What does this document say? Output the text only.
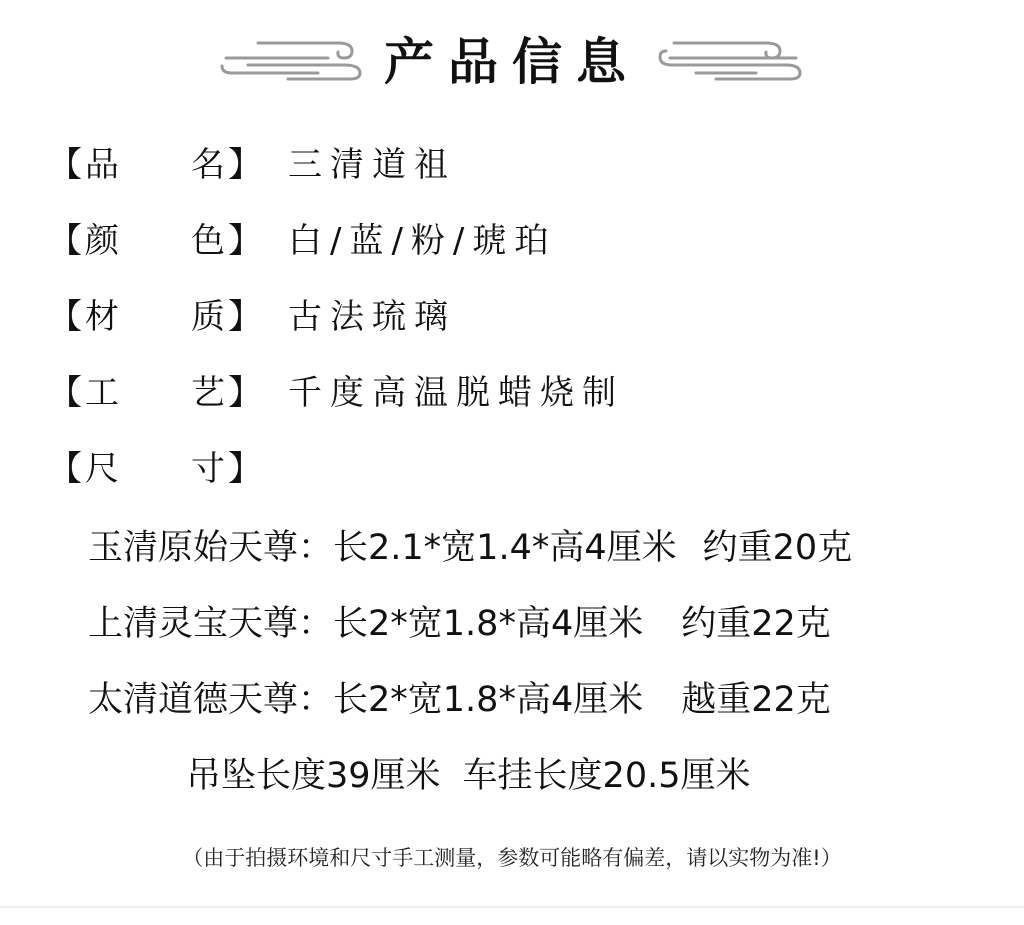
产品信息
【 品 名 】 三清道祖
【 颜 色 】 白/蓝/粉/琥珀
【 材 质 】 古法琉璃
【 工 艺 】 千度高温脱蜡烧制
【 尺 寸 】
玉清原始天尊：长2.1*宽1.4*高4厘米 约重20克
上清灵宝天尊：长2*宽1.8*高4厘米 约重22克
太清道德天尊：长2*宽1.8*高4厘米 越重22克
吊坠长度39厘米 车挂长度20.5厘米
（由于拍摄环境和尺寸手工测量，参数可能略有偏差，请以实物为准!）
